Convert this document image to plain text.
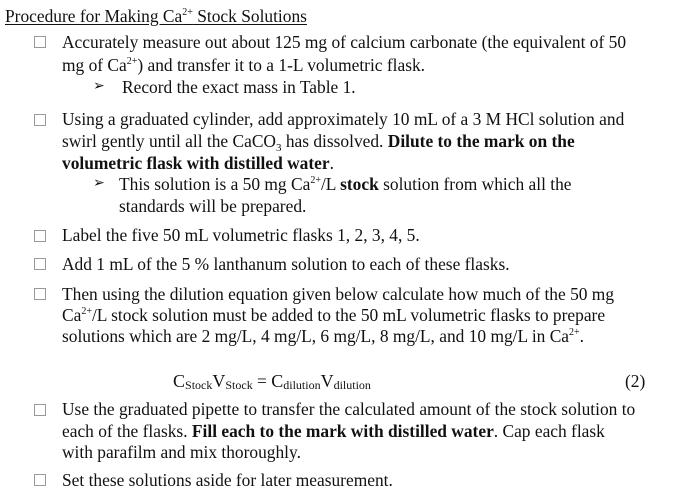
Procedure for Making $Ca^{2+}$ Stock Solutions
Accurately measure out about 125 mg of calcium carbonate (the equivalent of 50
mg of $Ca^{2+}$) and transfer it to a 1-L volumetric flask.
➢ Record the exact mass in Table 1.
Using a graduated cylinder, add approximately 10 mL of a 3 M HCl solution and
swirl gently until all the CaCO$_3$ has dissolved. Dilute to the mark on the
volumetric flask with distilled water.
➢ This solution is a 50 mg $Ca^{2+}/L$ stock solution from which all the
standards will be prepared.
Label the five 50 mL volumetric flasks 1, 2, 3, 4, 5.
Add 1 mL of the 5 % lanthanum solution to each of these flasks.
Then using the dilution equation given below calculate how much of the 50 mg
$Ca^{2+}/L$ stock solution must be added to the 50 mL volumetric flasks to prepare
solutions which are 2 mg/L, 4 mg/L, 6 mg/L, 8 mg/L, and 10 mg/L in $Ca^{2+}$.
CStockVStock = CdilutionVdilution	(2)
Use the graduated pipette to transfer the calculated amount of the stock solution to
each of the flasks. Fill each to the mark with distilled water. Cap each flask
with parafilm and mix thoroughly.
Set these solutions aside for later measurement.
